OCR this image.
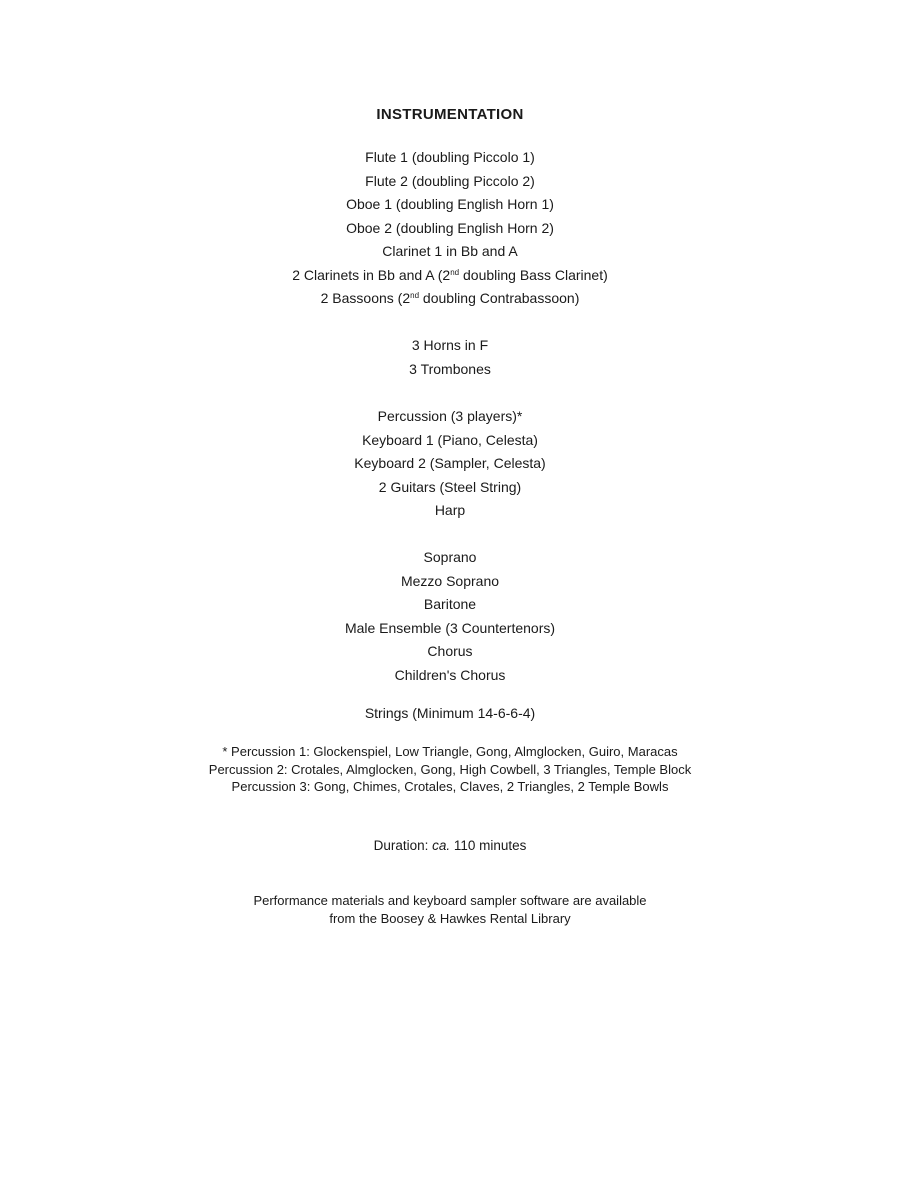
INSTRUMENTATION
Flute 1 (doubling Piccolo 1)
Flute 2 (doubling Piccolo 2)
Oboe 1 (doubling English Horn 1)
Oboe 2 (doubling English Horn 2)
Clarinet 1 in Bb and A
2 Clarinets in Bb and A (2nd doubling Bass Clarinet)
2 Bassoons (2nd doubling Contrabassoon)
3 Horns in F
3 Trombones
Percussion (3 players)*
Keyboard 1 (Piano, Celesta)
Keyboard 2 (Sampler, Celesta)
2 Guitars (Steel String)
Harp
Soprano
Mezzo Soprano
Baritone
Male Ensemble (3 Countertenors)
Chorus
Children's Chorus
Strings (Minimum 14-6-6-4)
* Percussion 1: Glockenspiel, Low Triangle, Gong, Almglocken, Guiro, Maracas
Percussion 2: Crotales, Almglocken, Gong, High Cowbell, 3 Triangles, Temple Block
Percussion 3: Gong, Chimes, Crotales, Claves, 2 Triangles, 2 Temple Bowls
Duration: ca. 110 minutes
Performance materials and keyboard sampler software are available
from the Boosey & Hawkes Rental Library
